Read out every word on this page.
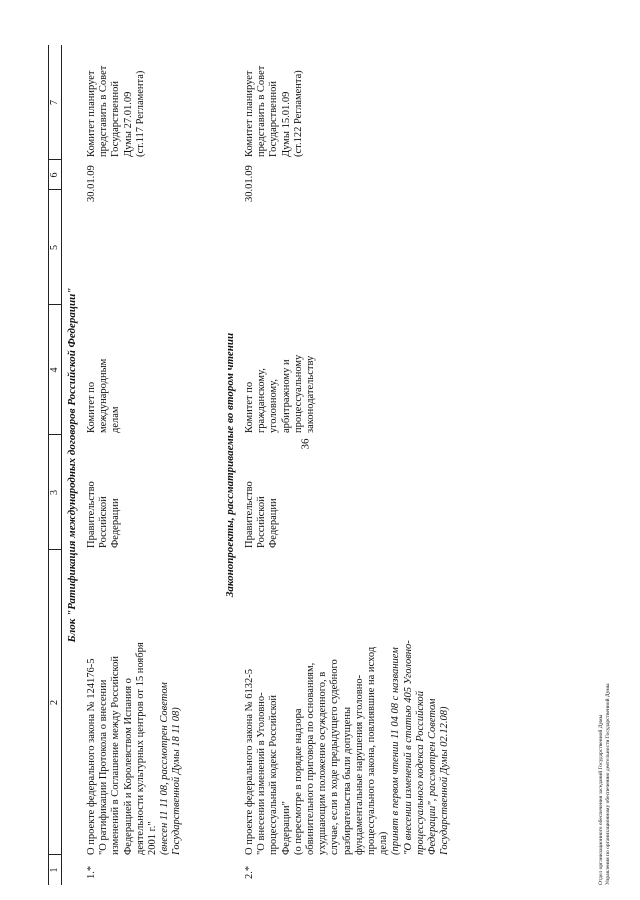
36
1
2
3
4
5
6
7
Блок "Ратификация международных договоров Российской Федерации"
1.*

О проекте федерального закона № 124176-5 "О ратификации Протокола о внесении изменений в Соглашение между Российской Федерацией и Королевством Испания о деятельности культурных центров от 15 ноября 2001 г." (внесен 11 11 08, рассмотрен Советом Государственной Думы 18 11 08)

Правительство Российской Федерации

Комитет по международным делам

30.01.09

Комитет планирует представить в Совет Государственной Думы 27.01.09 (ст.117 Регламента)

Законопроекты, рассматриваемые во втором чтении
2.*

О проекте федерального закона № 6132-5 "О внесении изменений в Уголовно- процессуальный кодекс Российской Федерации" (о пересмотре в порядке надзора обвинительного приговора по основаниям, ухудшающим положение осужденного, в случае, если в ходе предыдущего судебного разбирательства были допущены фундаментальные нарушения уголовно- процессуального закона, повлиявшие на исход дела) (принят в первом чтении 11 04 08 с названием "О внесении изменений в статью 405 Уголовно- процессуального кодекса Российской Федерации", рассмотрен Советом Государственной Думы 02.12.08)

Правительство Российской Федерации

Комитет по гражданскому, уголовному, арбитражному и процессуальному законодательству

30.01.09

Комитет планирует представить в Совет Государственной Думы 15.01.09 (ст.122 Регламента)

Отдел организационного обеспечения заседаний Государственной Думы Управления по организационному обеспечению деятельности Государственной Думы
